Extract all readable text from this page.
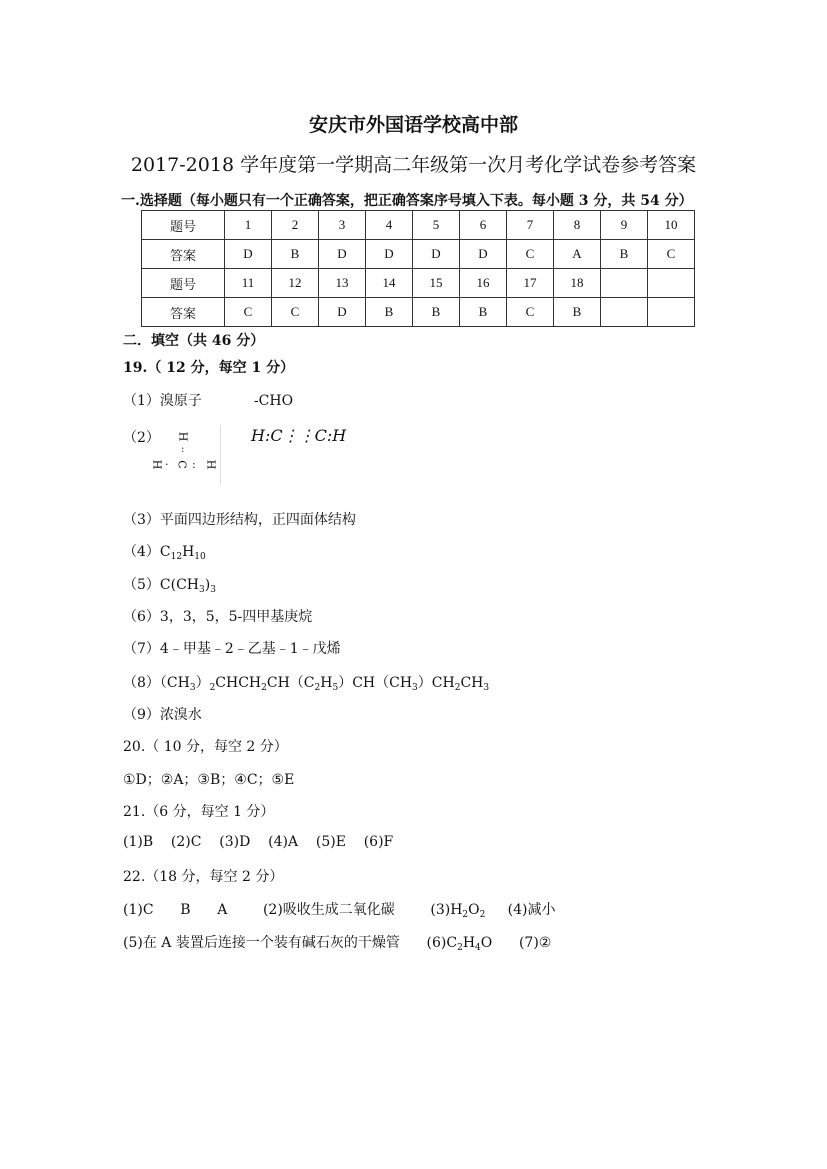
安庆市外国语学校高中部
2017-2018 学年度第一学期高二年级第一次月考化学试卷参考答案
一.选择题（每小题只有一个正确答案，把正确答案序号填入下表。每小题 3 分，共 54 分）
题号	1	2	3	4	5	6	7	8	9	10
答案	D	B	D	D	D	D	C	A	B	C
题号	11	12	13	14	15	16	17	18		
答案	C	C	D	B	B	B	C	B		
二．填空（共 46 分）
19.（ 12 分，每空 1 分）
（1）溴原子	-CHO
（2） H
:
H · C : H
H:C⋮⋮C:H
（3）平面四边形结构，正四面体结构
$(4)C_{12}H_{10}$
$(5)C(CH_3)_3$
（6）3，3，5，5-四甲基庚烷
（7）4﹣甲基﹣2﹣乙基﹣1﹣戊烯
$(8)(CH_3)_2CHCH_2CH(C_2H_5)CH(CH_3)CH_2CH_3$
（9）浓溴水
20.（ 10 分，每空 2 分）
①D；②A；③B；④C；⑤E
21.（6 分，每空 1 分）
(1)B    (2)C    (3)D    (4)A    (5)E    (6)F
22.（18 分，每空 2 分）
(1)C      B      A        (2)吸收生成二氧化碳        $(3)H_2O_2$     (4)减小
(5)在 A 装置后连接一个装有碱石灰的干燥管      $(6)C_2H_4O$      (7)②
